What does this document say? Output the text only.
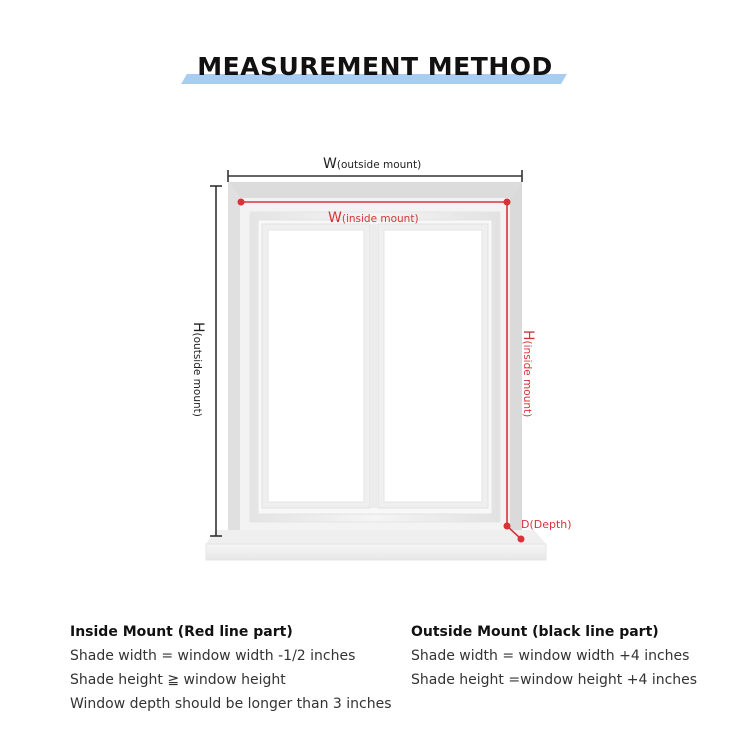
MEASUREMENT METHOD
W(outside mount)
W(inside mount)
H(outside mount)	H(inside mount)
D(Depth)
Inside Mount (Red line part)
Shade width = window width -1/2 inches
Shade height ≧ window height
Window depth should be longer than 3 inches
Outside Mount (black line part)
Shade width = window width +4 inches
Shade height =window height +4 inches
